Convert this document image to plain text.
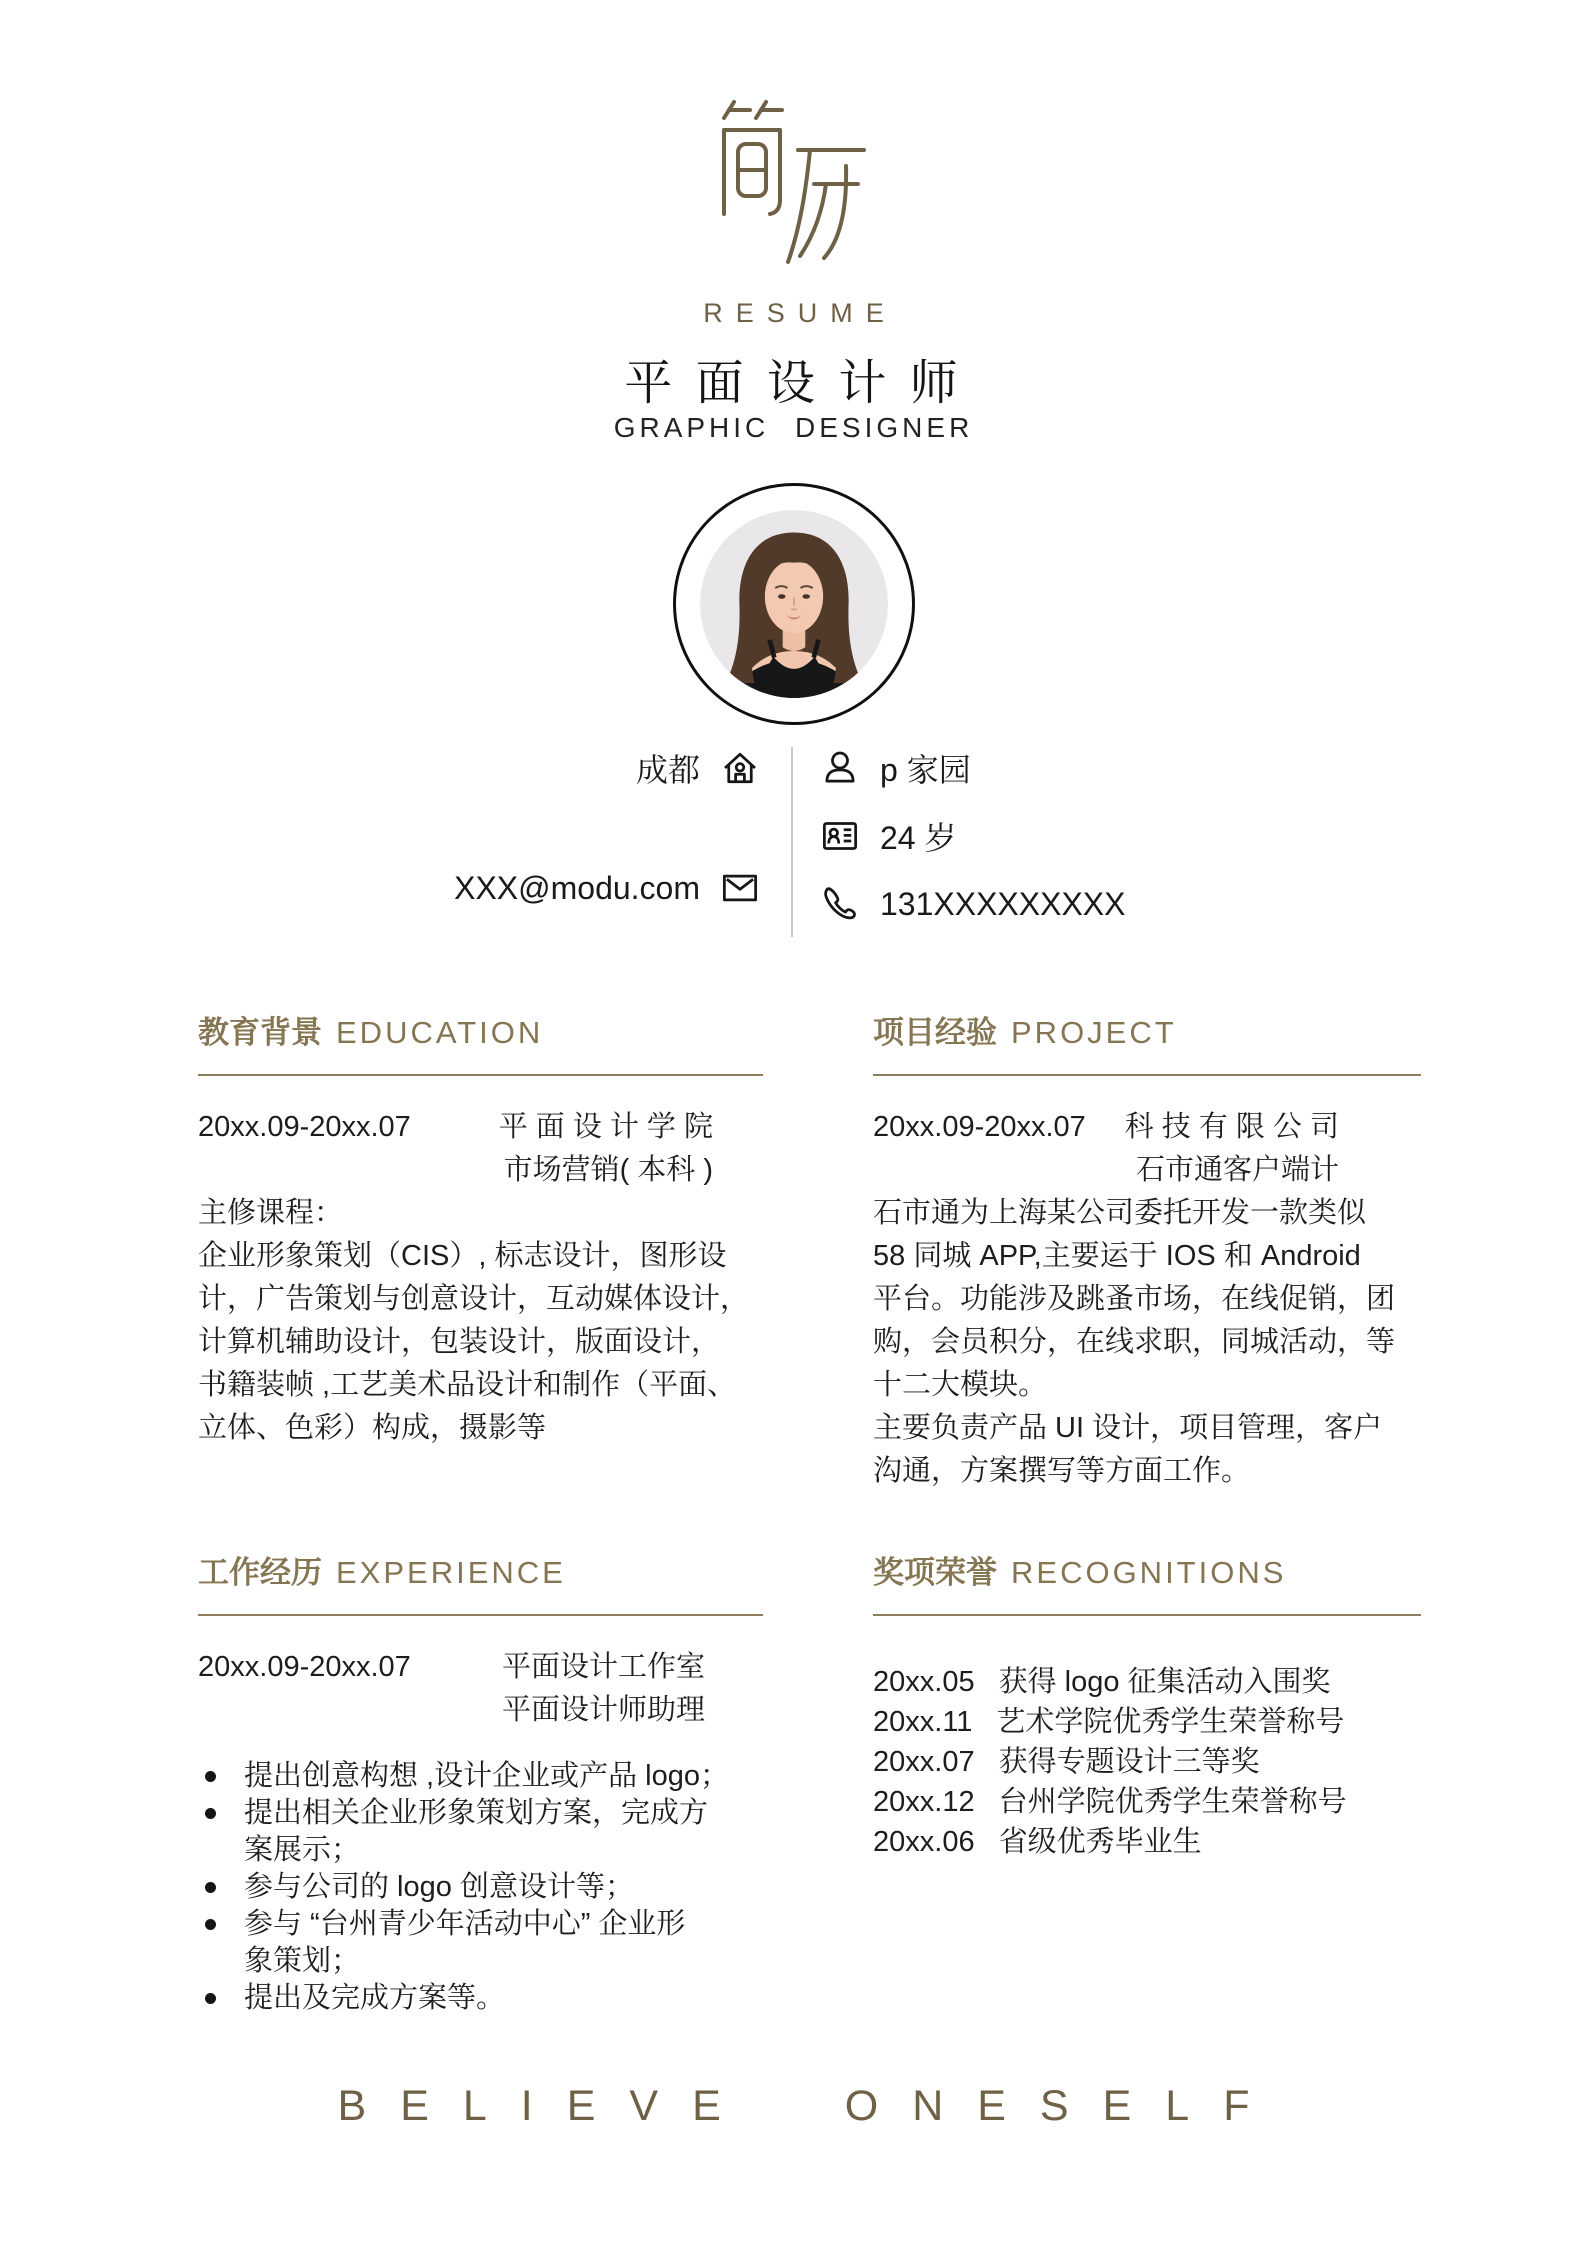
RESUME
平 面 设 计 师
GRAPHIC DESIGNER
成都
XXX@modu.com
p 家园
24 岁
131XXXXXXXXX
教育背景 EDUCATION
20xx.09-20xx.07	平 面 设 计 学 院
市场营销( 本科 )
主修课程：
企业形象策划（CIS）, 标志设计，图形设
计，广告策划与创意设计，互动媒体设计，
计算机辅助设计，包装设计，版面设计，
书籍装帧 ,工艺美术品设计和制作（平面、
立体、色彩）构成，摄影等
项目经验 PROJECT
20xx.09-20xx.07 科 技 有 限 公 司
石市通客户端计
石市通为上海某公司委托开发一款类似
58 同城 APP,主要运于 IOS 和 Android
平台。功能涉及跳蚤市场，在线促销，团
购，会员积分，在线求职，同城活动，等
十二大模块。
主要负责产品 UI 设计，项目管理，客户
沟通，方案撰写等方面工作。
工作经历 EXPERIENCE
20xx.09-20xx.07	平面设计工作室
平面设计师助理
提出创意构想 ,设计企业或产品 logo；
提出相关企业形象策划方案，完成方
案展示；
参与公司的 logo 创意设计等；
参与 “台州青少年活动中心” 企业形
象策划；
提出及完成方案等。
奖项荣誉 RECOGNITIONS
20xx.05 获得 logo 征集活动入围奖
20xx.11 艺术学院优秀学生荣誉称号
20xx.07 获得专题设计三等奖
20xx.12 台州学院优秀学生荣誉称号
20xx.06 省级优秀毕业生
BELIEVE ONESELF
